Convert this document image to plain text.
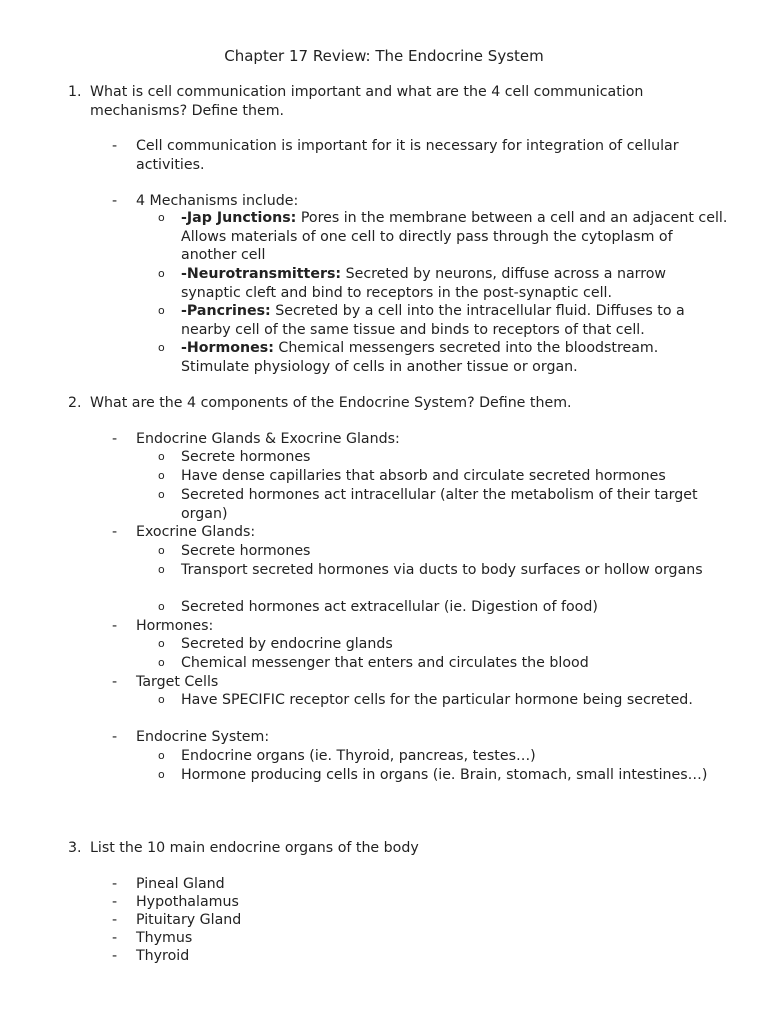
Chapter 17 Review: The Endocrine System
1. What is cell communication important and what are the 4 cell communication mechanisms? Define them.
- Cell communication is important for it is necessary for integration of cellular activities.
- 4 Mechanisms include:
o -Jap Junctions: Pores in the membrane between a cell and an adjacent cell. Allows materials of one cell to directly pass through the cytoplasm of another cell
o -Neurotransmitters: Secreted by neurons, diffuse across a narrow synaptic cleft and bind to receptors in the post-synaptic cell.
o -Pancrines: Secreted by a cell into the intracellular fluid. Diffuses to a nearby cell of the same tissue and binds to receptors of that cell.
o -Hormones: Chemical messengers secreted into the bloodstream. Stimulate physiology of cells in another tissue or organ.
2. What are the 4 components of the Endocrine System? Define them.
- Endocrine Glands & Exocrine Glands:
o Secrete hormones
o Have dense capillaries that absorb and circulate secreted hormones
o Secreted hormones act intracellular (alter the metabolism of their target organ)
- Exocrine Glands:
o Secrete hormones
o Transport secreted hormones via ducts to body surfaces or hollow organs
o Secreted hormones act extracellular (ie. Digestion of food)
- Hormones:
o Secreted by endocrine glands
o Chemical messenger that enters and circulates the blood
- Target Cells
o Have SPECIFIC receptor cells for the particular hormone being secreted.
- Endocrine System:
o Endocrine organs (ie. Thyroid, pancreas, testes…)
o Hormone producing cells in organs (ie. Brain, stomach, small intestines…)
3. List the 10 main endocrine organs of the body
- Pineal Gland
- Hypothalamus
- Pituitary Gland
- Thymus
- Thyroid
